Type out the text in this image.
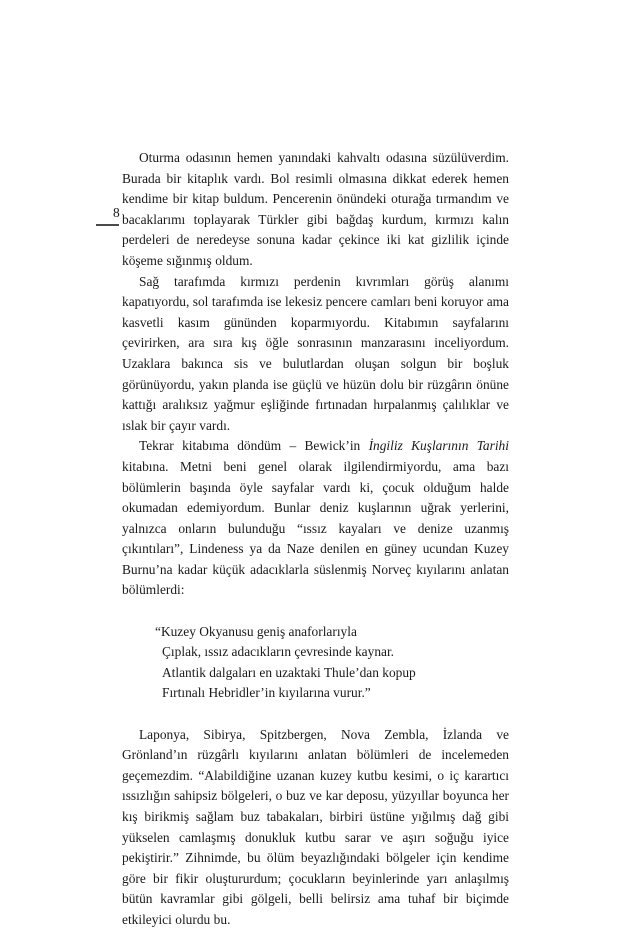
8

Oturma odasının hemen yanındaki kahvaltı odasına süzülüverdim. Burada bir kitaplık vardı. Bol resimli olmasına dikkat ederek hemen kendime bir kitap buldum. Pencerenin önündeki oturağa tırmandım ve bacaklarımı toplayarak Türkler gibi bağdaş kurdum, kırmızı kalın perdeleri de neredeyse sonuna kadar çekince iki kat gizlilik içinde köşeme sığınmış oldum.

Sağ tarafımda kırmızı perdenin kıvrımları görüş alanımı kapatıyordu, sol tarafımda ise lekesiz pencere camları beni koruyor ama kasvetli kasım gününden koparmıyordu. Kitabımın sayfalarını çevirirken, ara sıra kış öğle sonrasının manzarasını inceliyordum. Uzaklara bakınca sis ve bulutlardan oluşan solgun bir boşluk görünüyordu, yakın planda ise güçlü ve hüzün dolu bir rüzgârın önüne kattığı aralıksız yağmur eşliğinde fırtınadan hırpalanmış çalılıklar ve ıslak bir çayır vardı.

Tekrar kitabıma döndüm – Bewick’in İngiliz Kuşlarının Tarihi kitabına. Metni beni genel olarak ilgilendirmiyordu, ama bazı bölümlerin başında öyle sayfalar vardı ki, çocuk olduğum halde okumadan edemiyordum. Bunlar deniz kuşlarının uğrak yerlerini, yalnızca onların bulunduğu “ıssız kayaları ve denize uzanmış çıkıntıları”, Lindeness ya da Naze denilen en güney ucundan Kuzey Burnu’na kadar küçük adacıklarla süslenmiş Norveç kıyılarını anlatan bölümlerdi:

“Kuzey Okyanusu geniş anaforlarıyla
Çıplak, ıssız adacıkların çevresinde kaynar.
Atlantik dalgaları en uzaktaki Thule’dan kopup
Fırtınalı Hebridler’in kıyılarına vurur.”

Laponya, Sibirya, Spitzbergen, Nova Zembla, İzlanda ve Grönland’ın rüzgârlı kıyılarını anlatan bölümleri de incelemeden geçemezdim. “Alabildiğine uzanan kuzey kutbu kesimi, o iç karartıcı ıssızlığın sahipsiz bölgeleri, o buz ve kar deposu, yüzyıllar boyunca her kış birikmiş sağlam buz tabakaları, birbiri üstüne yığılmış dağ gibi yükselen camlaşmış donukluk kutbu sarar ve aşırı soğuğu iyice pekiştirir.” Zihnimde, bu ölüm beyazlığındaki bölgeler için kendime göre bir fikir oluştururdum; çocukların beyinlerinde yarı anlaşılmış bütün kavramlar gibi gölgeli, belli belirsiz ama tuhaf bir biçimde etkileyici olurdu bu.
